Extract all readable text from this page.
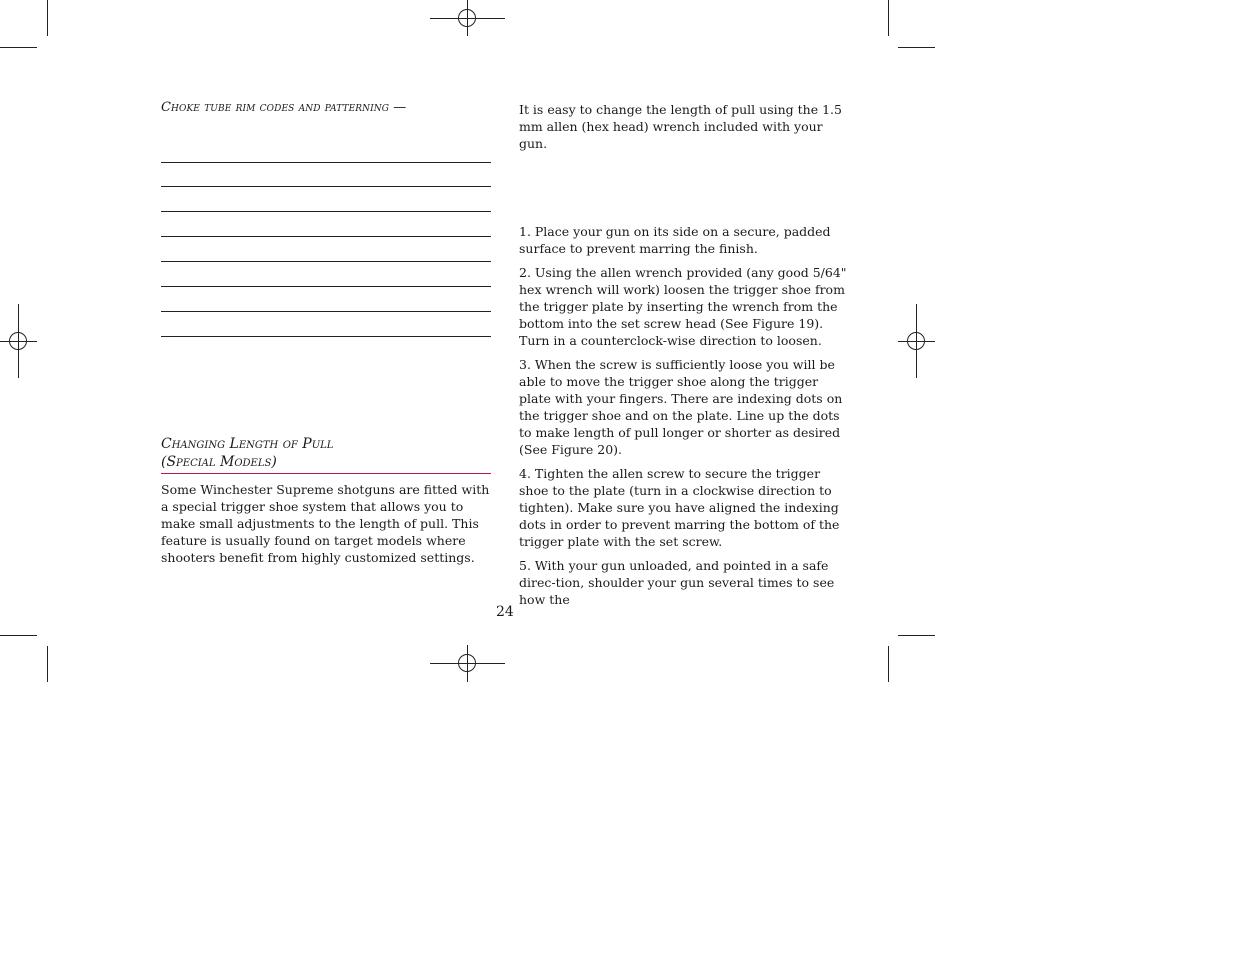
Choke tube rim codes and patterning —
Changing Length of Pull
(Special Models)
Some Winchester Supreme shotguns are fitted with a special trigger shoe system that allows you to make small adjustments to the length of pull. This feature is usually found on target models where shooters benefit from highly customized settings.

It is easy to change the length of pull using the 1.5 mm allen (hex head) wrench included with your gun.

1. Place your gun on its side on a secure, padded surface to prevent marring the finish.

2. Using the allen wrench provided (any good 5/64" hex wrench will work) loosen the trigger shoe from the trigger plate by inserting the wrench from the bottom into the set screw head (See Figure 19). Turn in a counterclock-wise direction to loosen.

3. When the screw is sufficiently loose you will be able to move the trigger shoe along the trigger plate with your fingers. There are indexing dots on the trigger shoe and on the plate. Line up the dots to make length of pull longer or shorter as desired (See Figure 20).

4. Tighten the allen screw to secure the trigger shoe to the plate (turn in a clockwise direction to tighten). Make sure you have aligned the indexing dots in order to prevent marring the bottom of the trigger plate with the set screw.

5. With your gun unloaded, and pointed in a safe direc-tion, shoulder your gun several times to see how the

24
